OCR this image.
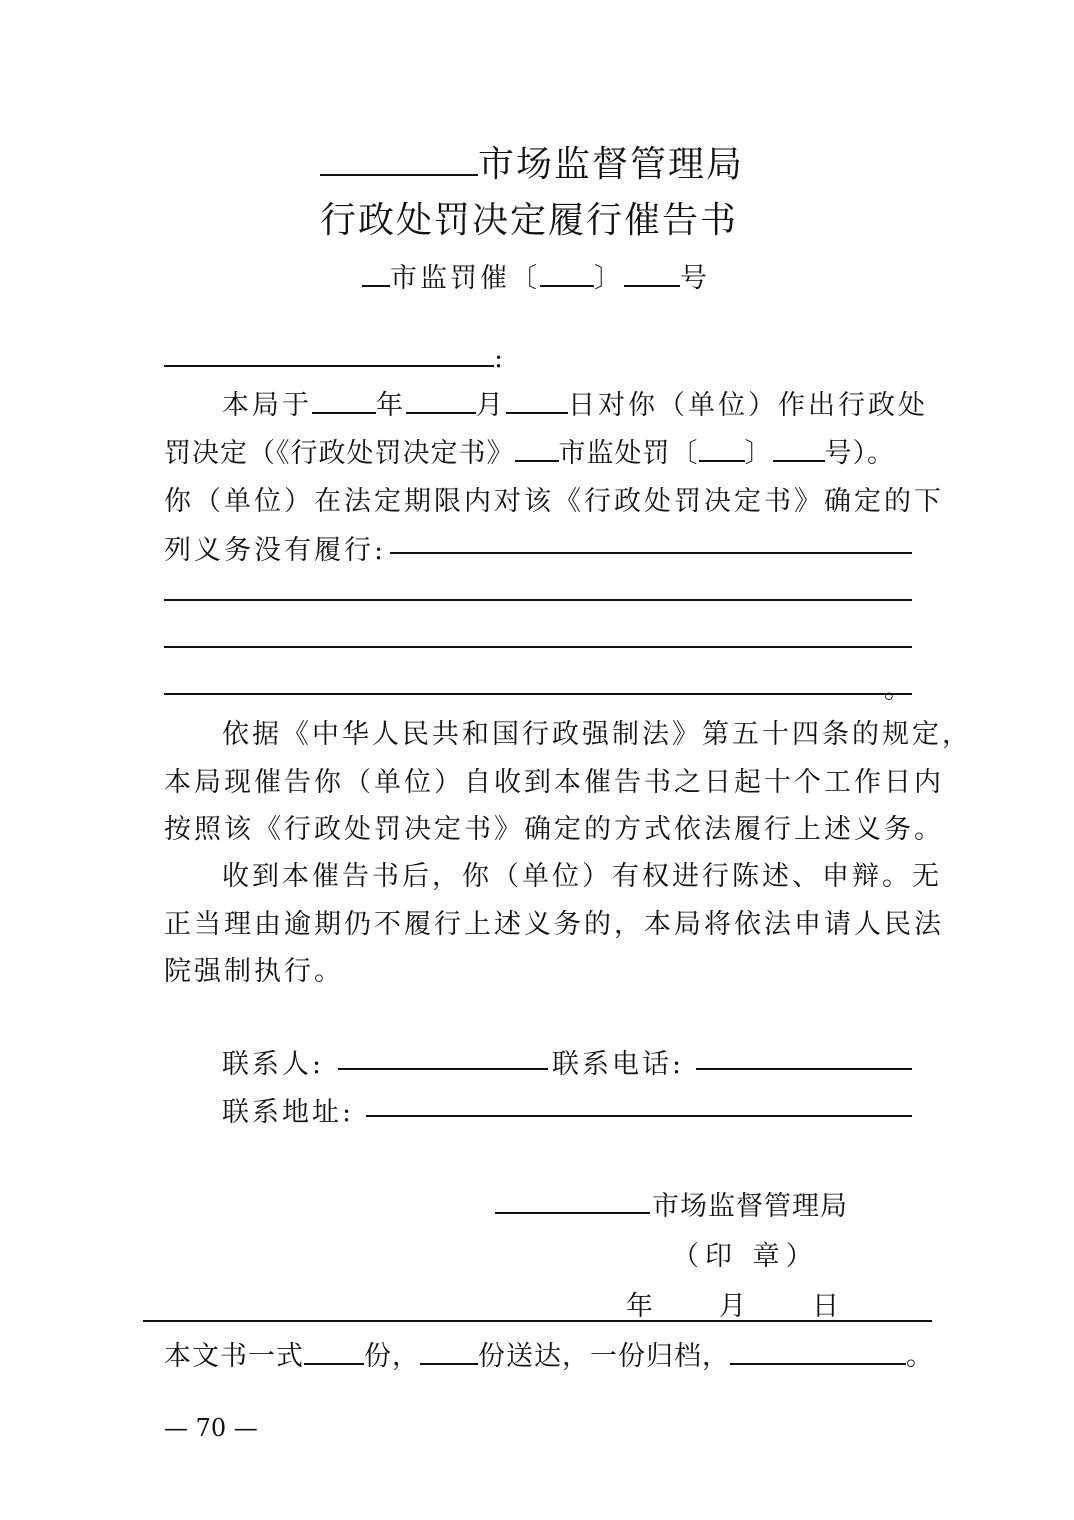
市场监督管理局
行政处罚决定履行催告书
市监罚催〔 〕 号
:
本局于 年	月 日对你（单位）作出行政处
罚决定（《行政处罚决定书》 市监处罚〔 〕 号）。
你（单位）在法定期限内对该《行政处罚决定书》确定的下
列义务没有履行:
。
依据《中华人民共和国行政强制法》第五十四条的规定，
本局现催告你（单位）自收到本催告书之日起十个工作日内
按照该《行政处罚决定书》确定的方式依法履行上述义务。
收到本催告书后，你（单位）有权进行陈述、申辩。无
正当理由逾期仍不履行上述义务的，本局将依法申请人民法
院强制执行。
联系人:	联系电话:
联系地址:
市场监督管理局
（印 章）
年　　月　　日
本文书一式 份， 份送达，一份归档，	。
— 70 —
